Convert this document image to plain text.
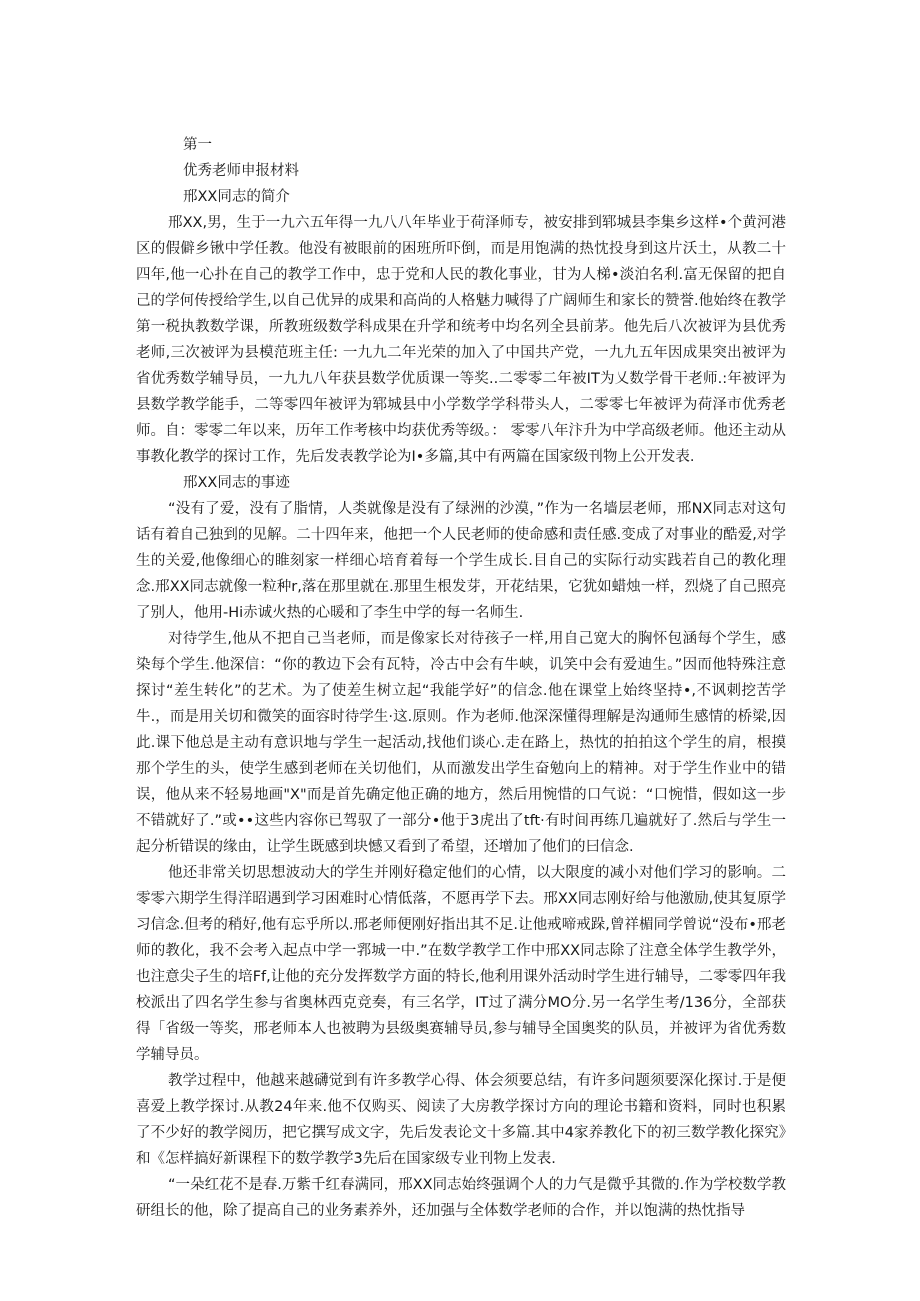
第一
优秀老师申报材料
邢XX同志的简介

邢XX,男，生于一九六五年得一九八八年毕业于荷泽师专，被安排到郓城县李集乡这样•个黄河港区的假僻乡锹中学任教。他没有被眼前的困班所吓倒，而是用饱满的热忱投身到这片沃土，从教二十四年,他一心扑在自己的教学工作中，忠于党和人民的教化事业，甘为人梯•淡泊名利.富无保留的把自己的学何传授给学生,以自己优异的成果和高尚的人格魅力喊得了广阔师生和家长的赞誉.他始终在教学第一税执教数学课，所教班级数学科成果在升学和统考中均名列全县前茅。他先后八次被评为县优秀老师,三次被评为县模范班主任: 一九九二年光荣的加入了中国共产党，一九九五年因成果突出被评为省优秀数学辅导员，一九九八年获县数学优质课一等奖..二零零二年被IT为乂数学骨干老师.:年被评为县数学教学能手，二等零四年被评为郓城县中小学数学学科带头人，二零零七年被评为荷泽市优秀老师。自：零零二年以来，历年工作考核中均获优秀等级。： 零零八年汴升为中学高级老师。他还主动从事教化教学的探讨工作，先后发表教学论为I•多篇,其中有两篇在国家级刊物上公开发表.

邢XX同志的事迹

“没有了爱，没有了脂情，人类就像是没有了绿洲的沙漠，”作为一名墙层老师，邢NX同志对这句话有着自己独到的见解。二十四年来，他把一个人民老师的使命感和责任感.变成了对事业的酷爱,对学生的关爱,他像细心的睢刻家一样细心培育着每一个学生成长.目自己的实际行动实践若自己的教化理念.邢XX同志就像一粒种r,落在那里就在.那里生根发芽，开花结果，它犹如蜡烛一样，烈烧了自己照亮了别人，他用-Hi赤诚火热的心暖和了李生中学的每一名师生.

对待学生,他从不把自己当老师，而是像家长对待孩子一样,用自己宽大的胸怀包涵每个学生，感染每个学生.他深信：“你的教边下会有瓦特，冷古中会有牛峡，讥笑中会有爱迪生。”因而他特殊注意探讨“差生转化”的艺术。为了使差生树立起“我能学好”的信念.他在课堂上始终坚持•,不讽刺挖苦学牛.，而是用关切和微笑的面容时待学生·这.原则。作为老师.他深深懂得理解是沟通师生感情的桥梁,因此.课下他总是主动有意识地与学生一起活动,找他们谈心.走在路上，热忱的拍拍这个学生的肩，根摸那个学生的头，使学生感到老师在关切他们，从而激发出学生奋勉向上的精神。对于学生作业中的错误，他从来不轻易地画"X"而是首先确定他正确的地方，然后用惋惜的口气说：“口惋惜，假如这一步不错就好了.”或••这些内容你已驾驭了一部分•他于3虎出了tft·有时间再练几遍就好了.然后与学生一起分析错误的缘由，让学生既感到块憾又看到了希望，还增加了他们的曰信念.

他还非常关切思想波动大的学生并刚好稳定他们的心情，以大限度的减小对他们学习的影响。二零零六期学生得洋昭遇到学习困难时心情低落，不愿再学下去。邢XX同志刚好给与他激励,使其复原学习信念.但考的稍好,他有忘乎所以.邢老师便刚好指出其不足.让他戒啼戒跺,曾祥楣同学曾说“没布•邢老师的教化，我不会考入起点中学一郛城一中.”在数学教学工作中邢XX同志除了注意全体学生教学外，也注意尖子生的培Ff,让他的充分发挥数学方面的特长,他利用课外活动时学生进行辅导，二零零四年我校派出了四名学生参与省奥林西克竞奏，有三名学，IT过了满分MO分.另一名学生考/136分，全部获得「省级一等奖，邢老师本人也被聘为县级奥赛辅导员,参与辅导全国奥奖的队员，并被评为省优秀数学辅导员。

教学过程中，他越来越礴觉到有许多教学心得、体会须要总结，有许多问题须要深化探讨.于是便喜爱上教学探讨.从教24年来.他不仅购买、阅读了大房教学探讨方向的理论书籍和资料，同时也积累了不少好的教学阅历，把它撰写成文字，先后发表论文十多篇.其中4家养教化下的初三数学教化探究》和《怎样搞好新课程下的数学教学3先后在国家级专业刊物上发表.

“一朵红花不是春.万紫千红春满同，邢XX同志始终强调个人的力气是微乎其微的.作为学校数学教研组长的他，除了提高自己的业务素养外，还加强与全体数学老师的合作，并以饱满的热忱指导
